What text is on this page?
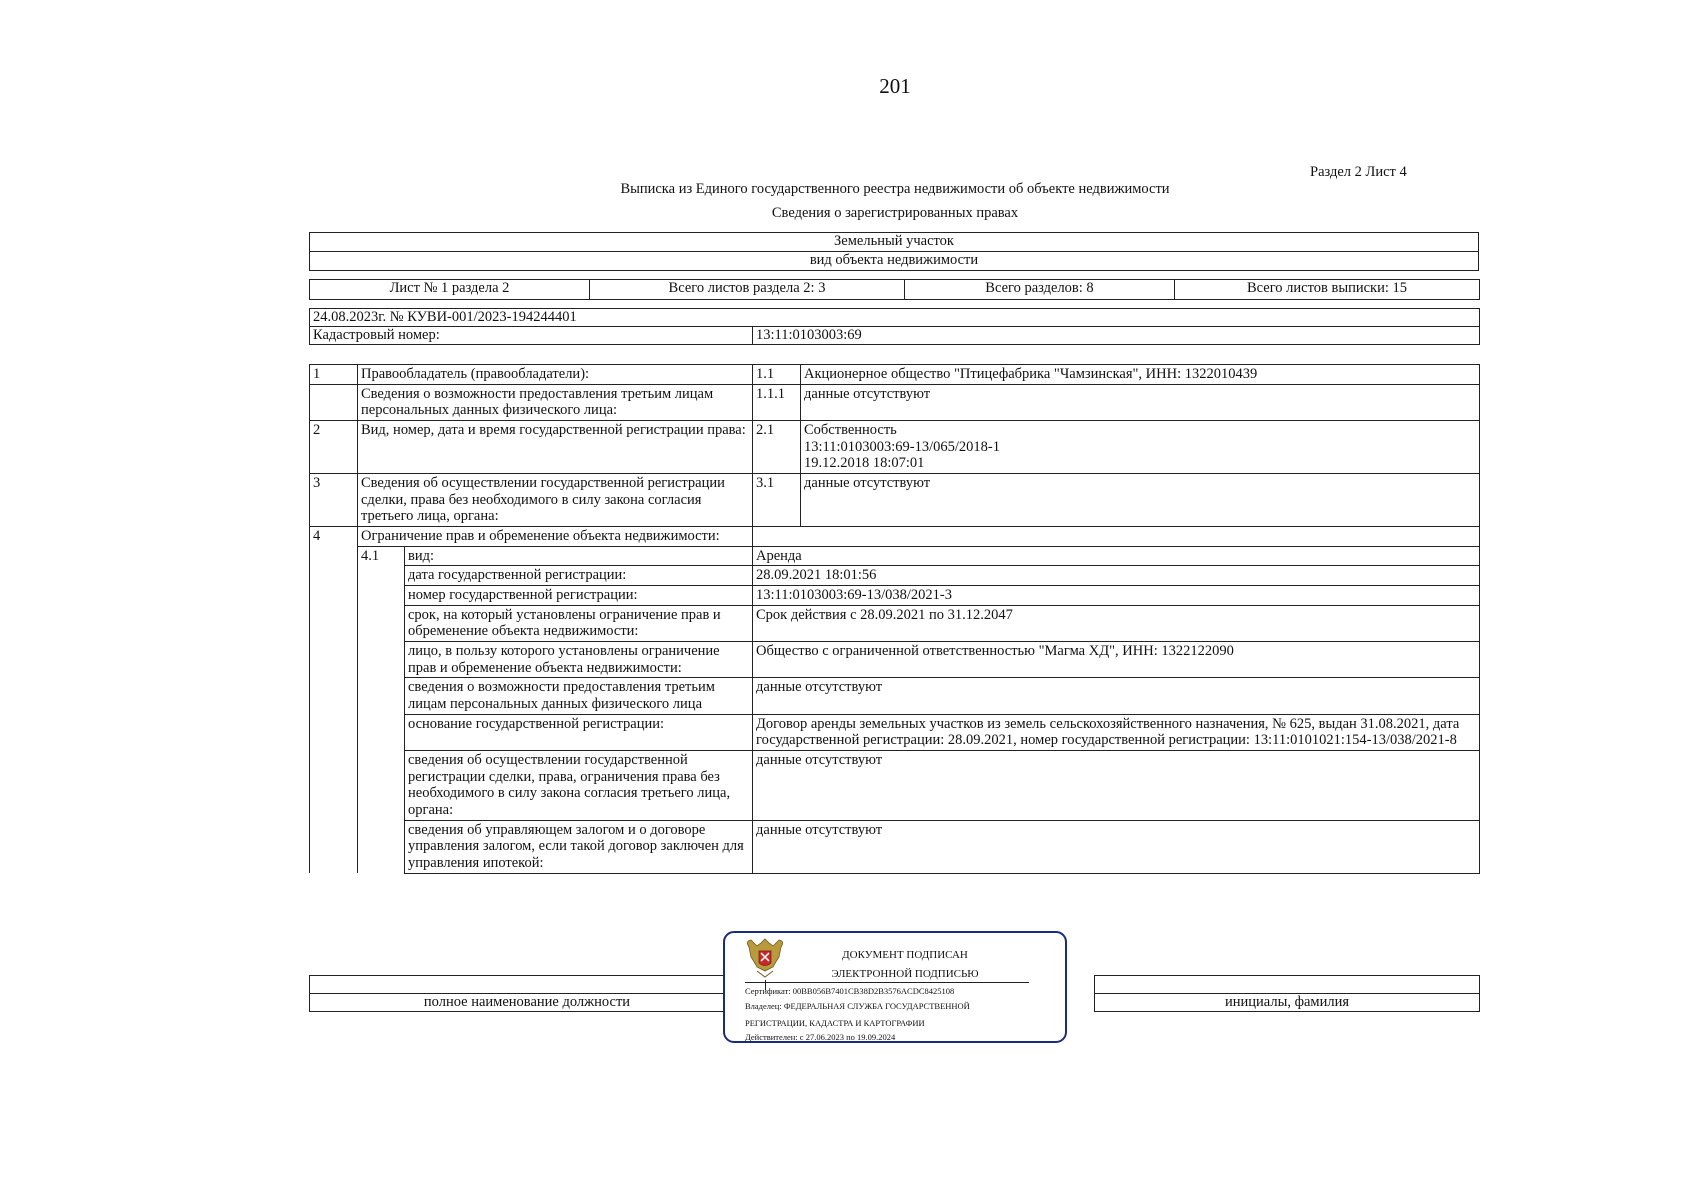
201
Раздел 2 Лист 4
Выписка из Единого государственного реестра недвижимости об объекте недвижимости
Сведения о зарегистрированных правах
Земельный участок
вид объекта недвижимости
Лист № 1 раздела 2	Всего листов раздела 2: 3	Всего разделов: 8	Всего листов выписки: 15
24.08.2023г. № КУВИ-001/2023-194244401
Кадастровый номер:	13:11:0103003:69
1	Правообладатель (правообладатели):		1.1	Акционерное общество "Птицефабрика "Чамзинская", ИНН: 1322010439
	Сведения о возможности предоставления третьим лицам персональных данных физического лица:		1.1.1	данные отсутствуют
2	Вид, номер, дата и время государственной регистрации права:		2.1	Собственность
13:11:0103003:69-13/065/2018-1
19.12.2018 18:07:01

3	Сведения об осуществлении государственной регистрации сделки, права без необходимого в силу закона согласия третьего лица, органа:		3.1	данные отсутствуют
4	Ограничение прав и обременение объекта недвижимости:			
	4.1	вид:	Аренда	
		дата государственной регистрации:	28.09.2021 18:01:56	
		номер государственной регистрации:	13:11:0103003:69-13/038/2021-3	
		срок, на который установлены ограничение прав и обременение объекта недвижимости:	Срок действия с 28.09.2021 по 31.12.2047	
		лицо, в пользу которого установлены ограничение прав и обременение объекта недвижимости:	Общество с ограниченной ответственностью "Магма ХД", ИНН: 1322122090	
		сведения о возможности предоставления третьим лицам персональных данных физического лица	данные отсутствуют	
		основание государственной регистрации:	Договор аренды земельных участков из земель сельскохозяйственного назначения, № 625, выдан 31.08.2021, дата государственной регистрации: 28.09.2021, номер государственной регистрации: 13:11:0101021:154-13/038/2021-8	
		сведения об осуществлении государственной регистрации сделки, права, ограничения права без необходимого в силу закона согласия третьего лица, органа:	данные отсутствуют	
		сведения об управляющем залогом и о договоре управления залогом, если такой договор заключен для управления ипотекой:	данные отсутствуют	

полное наименование должности		инициалы, фамилия
ДОКУМЕНТ ПОДПИСАН
ЭЛЕКТРОННОЙ ПОДПИСЬЮ
Сертификат: 00BB056B7401CB38D2B3576ACDC8425108
Владелец: ФЕДЕРАЛЬНАЯ СЛУЖБА ГОСУДАРСТВЕННОЙ
РЕГИСТРАЦИИ, КАДАСТРА И КАРТОГРАФИИ
Действителен: с 27.06.2023 по 19.09.2024
